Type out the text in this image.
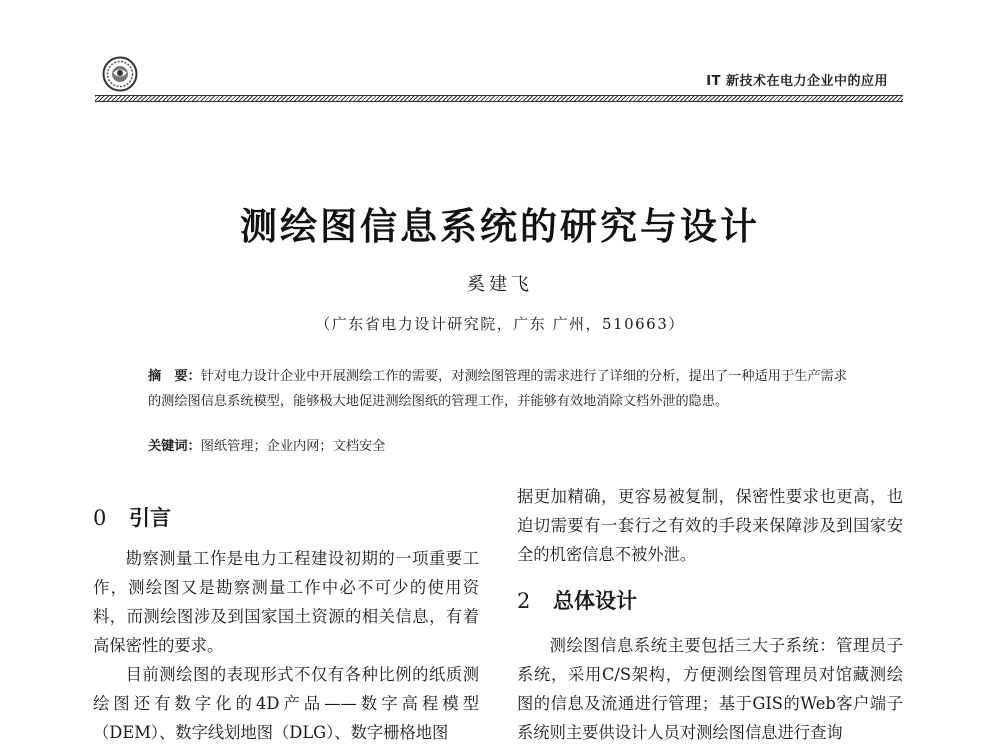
IT 新技术在电力企业中的应用
测绘图信息系统的研究与设计
奚建飞
（广东省电力设计研究院，广东 广州，510663）

摘　要：针对电力设计企业中开展测绘工作的需要，对测绘图管理的需求进行了详细的分析，提出了一种适用于生产需求的测绘图信息系统模型，能够极大地促进测绘图纸的管理工作，并能够有效地消除文档外泄的隐患。

关键词：图纸管理；企业内网；文档安全

0 引言

勘察测量工作是电力工程建设初期的一项重要工作，测绘图又是勘察测量工作中必不可少的使用资料，而测绘图涉及到国家国土资源的相关信息，有着高保密性的要求。

目前测绘图的表现形式不仅有各种比例的纸质测绘图还有数字化的4D产品——数字高程模型（DEM）、数字线划地图（DLG）、数字栅格地图

据更加精确，更容易被复制，保密性要求也更高，也迫切需要有一套行之有效的手段来保障涉及到国家安全的机密信息不被外泄。

2 总体设计

测绘图信息系统主要包括三大子系统：管理员子系统，采用C/S架构，方便测绘图管理员对馆藏测绘图的信息及流通进行管理；基于GIS的Web客户端子系统则主要供设计人员对测绘图信息进行查询
